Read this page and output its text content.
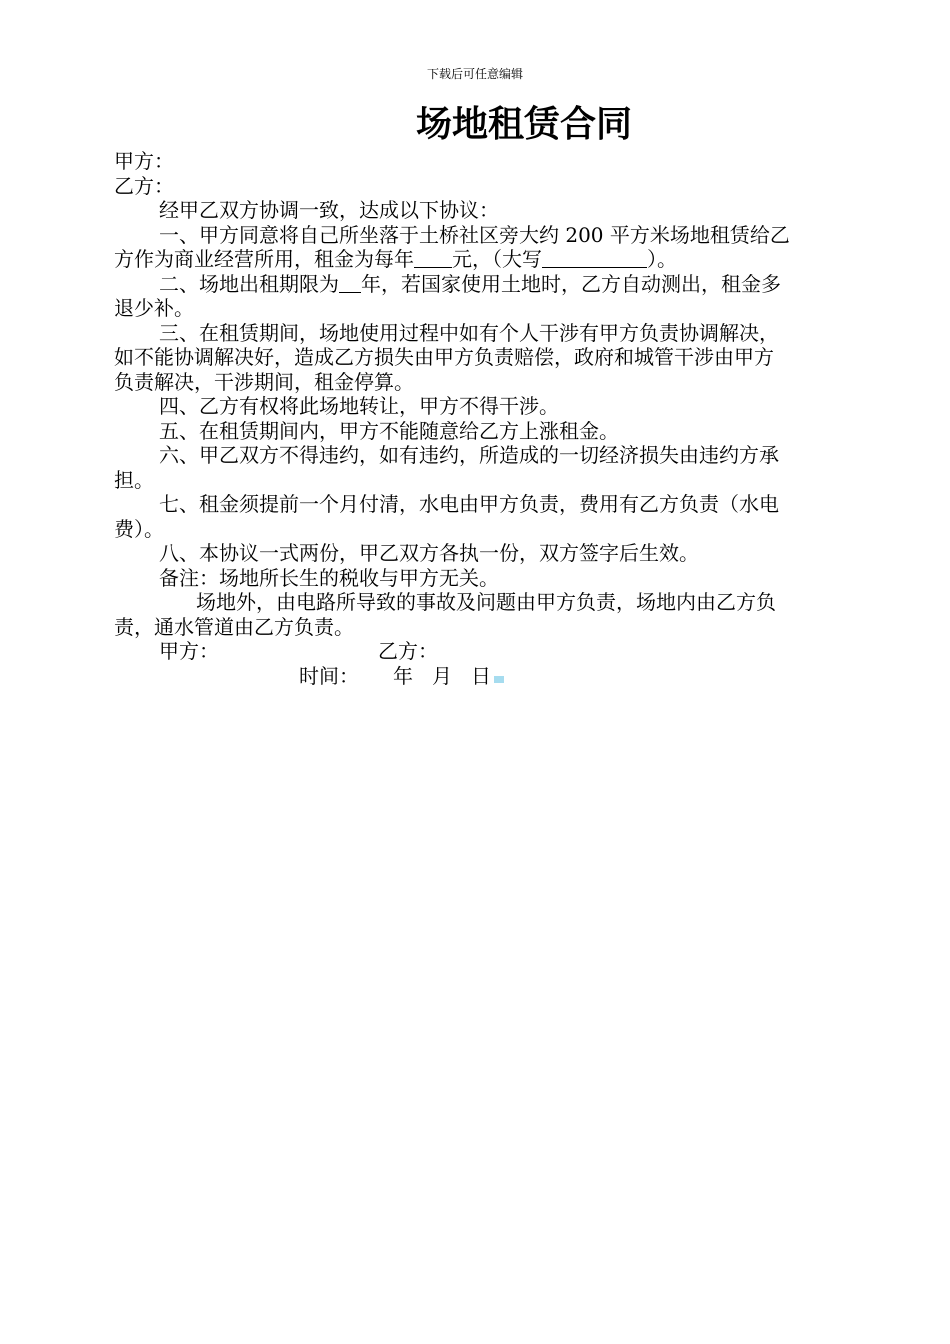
下载后可任意编辑
场地租赁合同

甲方：

乙方：

经甲乙双方协调一致，达成以下协议：

一、甲方同意将自己所坐落于土桥社区旁大约 200 平方米场地租赁给乙

方作为商业经营所用，租金为每年 元，（大写	）。

二、场地出租期限为 年，若国家使用土地时，乙方自动测出，租金多

退少补。

三、在租赁期间，场地使用过程中如有个人干涉有甲方负责协调解决，

如不能协调解决好，造成乙方损失由甲方负责赔偿，政府和城管干涉由甲方

负责解决，干涉期间，租金停算。

四、乙方有权将此场地转让，甲方不得干涉。

五、在租赁期间内，甲方不能随意给乙方上涨租金。

六、甲乙双方不得违约，如有违约，所造成的一切经济损失由违约方承

担。

七、租金须提前一个月付清，水电由甲方负责，费用有乙方负责（水电

费）。

八、本协议一式两份，甲乙双方各执一份，双方签字后生效。

备注：场地所长生的税收与甲方无关。

场地外，由电路所导致的事故及问题由甲方负责，场地内由乙方负

责，通水管道由乙方负责。

甲方：	乙方：
时间： 年 月 日
